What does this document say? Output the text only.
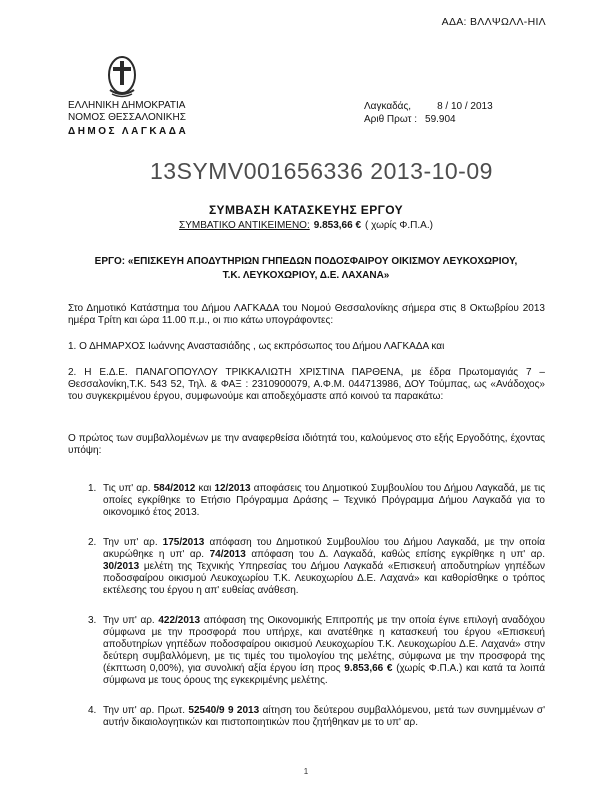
ΑΔΑ: ΒΛΛΨΩΛΛ-ΗΙΛ
ΕΛΛΗΝΙΚΗ ΔΗΜΟΚΡΑΤΙΑ
ΝΟΜΟΣ ΘΕΣΣΑΛΟΝΙΚΗΣ
ΔΗΜΟΣ ΛΑΓΚΑΔΑ
Λαγκαδάς,	8 / 10 / 2013
Αριθ Πρωτ : 59.904
13SYMV001656336 2013-10-09
ΣΥΜΒΑΣΗ ΚΑΤΑΣΚΕΥΗΣ ΕΡΓΟΥ
ΣΥΜΒΑΤΙΚΟ ΑΝΤΙΚΕΙΜΕΝΟ: 9.853,66 € ( χωρίς Φ.Π.Α.)
ΕΡΓΟ: «ΕΠΙΣΚΕΥΗ ΑΠΟΔΥΤΗΡΙΩΝ ΓΗΠΕΔΩΝ ΠΟΔΟΣΦΑΙΡΟΥ ΟΙΚΙΣΜΟΥ ΛΕΥΚΟΧΩΡΙΟΥ,
Τ.Κ. ΛΕΥΚΟΧΩΡΙΟΥ, Δ.Ε. ΛΑΧΑΝΑ»

Στο Δημοτικό Κατάστημα του Δήμου ΛΑΓΚΑΔΑ του Νομού Θεσσαλονίκης σήμερα στις 8 Οκτωβρίου 2013 ημέρα Τρίτη και ώρα 11.00 π.μ., οι πιο κάτω υπογράφοντες:

1. Ο ΔΗΜΑΡΧΟΣ Ιωάννης Αναστασιάδης , ως εκπρόσωπος του Δήμου ΛΑΓΚΑΔΑ και

2. Η Ε.Δ.Ε. ΠΑΝΑΓΟΠΟΥΛΟΥ ΤΡΙΚΚΑΛΙΩΤΗ ΧΡΙΣΤΙΝΑ ΠΑΡΘΕΝΑ, με έδρα Πρωτομαγιάς 7 – Θεσσαλονίκη,Τ.Κ. 543 52, Τηλ. & ΦΑΞ : 2310900079, Α.Φ.Μ. 044713986, ΔΟΥ Τούμπας, ως «Ανάδοχος» του συγκεκριμένου έργου, συμφωνούμε και αποδεχόμαστε από κοινού τα παρακάτω:

Ο πρώτος των συμβαλλομένων με την αναφερθείσα ιδιότητά του, καλούμενος στο εξής Εργοδότης, έχοντας υπόψη:

1. Τις υπ' αρ. 584/2012 και 12/2013 αποφάσεις του Δημοτικού Συμβουλίου του Δήμου Λαγκαδά, με τις οποίες εγκρίθηκε το Ετήσιο Πρόγραμμα Δράσης – Τεχνικό Πρόγραμμα Δήμου Λαγκαδά για το οικονομικό έτος 2013.
2. Την υπ' αρ. 175/2013 απόφαση του Δημοτικού Συμβουλίου του Δήμου Λαγκαδά, με την οποία ακυρώθηκε η υπ' αρ. 74/2013 απόφαση του Δ. Λαγκαδά, καθώς επίσης εγκρίθηκε η υπ' αρ. 30/2013 μελέτη της Τεχνικής Υπηρεσίας του Δήμου Λαγκαδά «Επισκευή αποδυτηρίων γηπέδων ποδοσφαίρου οικισμού Λευκοχωρίου Τ.Κ. Λευκοχωρίου Δ.Ε. Λαχανά» και καθορίσθηκε ο τρόπος εκτέλεσης του έργου η απ' ευθείας ανάθεση.
3. Την υπ' αρ. 422/2013 απόφαση της Οικονομικής Επιτροπής με την οποία έγινε επιλογή αναδόχου σύμφωνα με την προσφορά που υπήρχε, και ανατέθηκε η κατασκευή του έργου «Επισκευή αποδυτηρίων γηπέδων ποδοσφαίρου οικισμού Λευκοχωρίου Τ.Κ. Λευκοχωρίου Δ.Ε. Λαχανά» στην δεύτερη συμβαλλόμενη, με τις τιμές του τιμολογίου της μελέτης, σύμφωνα με την προσφορά της (έκπτωση 0,00%), για συνολική αξία έργου ίση προς 9.853,66 € (χωρίς Φ.Π.Α.) και κατά τα λοιπά σύμφωνα με τους όρους της εγκεκριμένης μελέτης.
4. Την υπ' αρ. Πρωτ. 52540/9 9 2013 αίτηση του δεύτερου συμβαλλόμενου, μετά των συνημμένων σ' αυτήν δικαιολογητικών και πιστοποιητικών που ζητήθηκαν με το υπ' αρ.
1
